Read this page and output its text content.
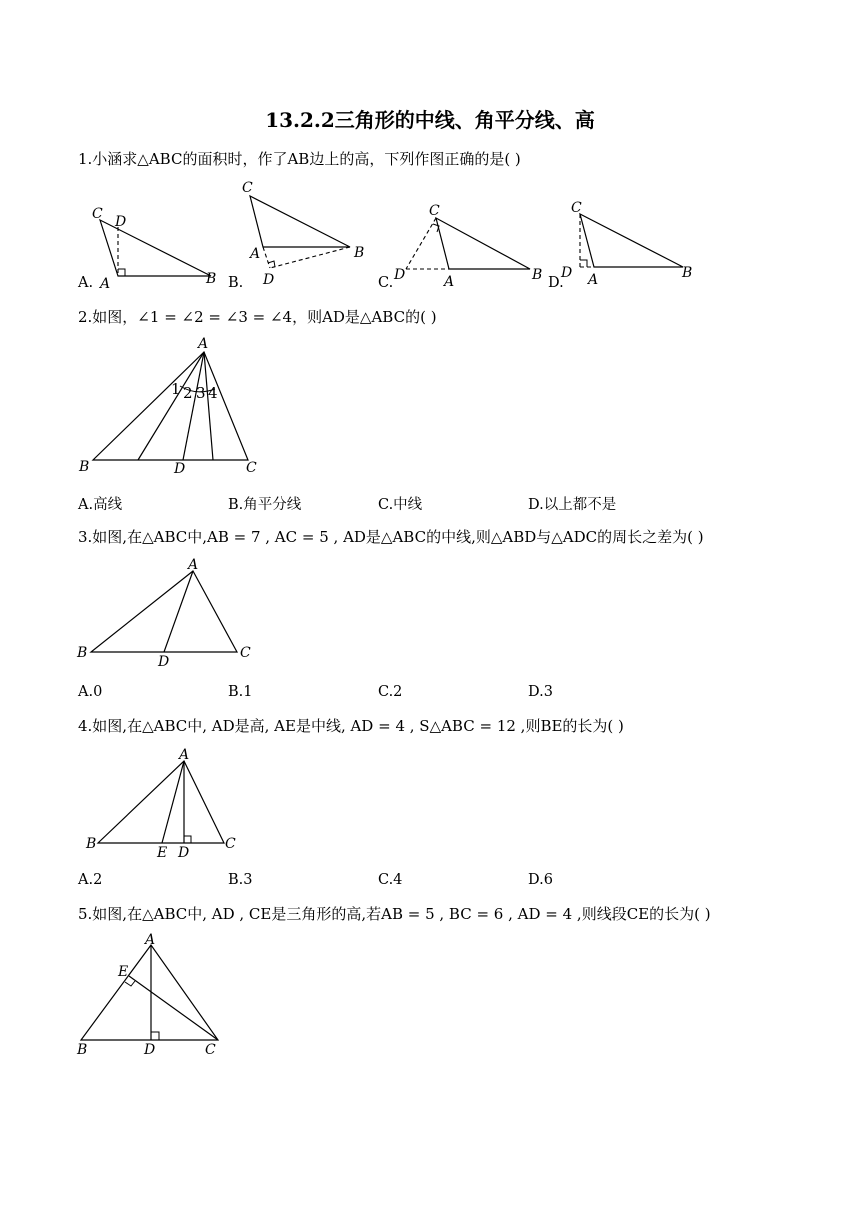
13.2.2三角形的中线、角平分线、高
1.小涵求△ABC的面积时，作了AB边上的高，下列作图正确的是( )
C D
A	B
A.
C
A	B
D
B.
C
D	A	B
C.
C
D A	B
D.
2.如图，∠1 = ∠2 = ∠3 = ∠4，则AD是△ABC的( )
A
B	D	C
1 2 3 4
A.高线	B.角平分线	C.中线	D.以上都不是
3.如图,在△ABC中,AB = 7 , AC = 5 , AD是△ABC的中线,则△ABD与△ADC的周长之差为( )
A
B
D
C
A.0	B.1	C.2	D.3
4.如图,在△ABC中, AD是高, AE是中线, AD = 4 , S△ABC = 12 ,则BE的长为( )
A
B
E D
C
A.2	B.3	C.4	D.6
5.如图,在△ABC中, AD , CE是三角形的高,若AB = 5 , BC = 6 , AD = 4 ,则线段CE的长为( )
A
E
B	D	C
